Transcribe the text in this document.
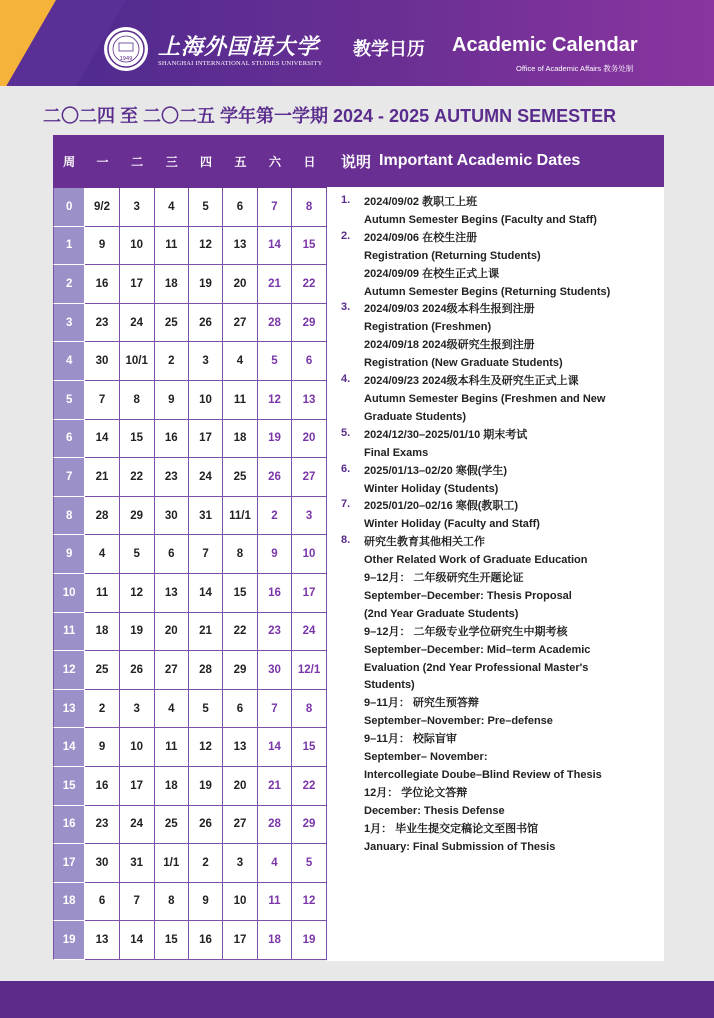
1949 上海外国语大学
SHANGHAI INTERNATIONAL STUDIES UNIVERSITY
教学日历 Academic Calendar
Office of Academic Affairs 教务处制
二〇二四 至 二〇二五 学年第一学期 2024 - 2025 AUTUMN SEMESTER
周	一	二	三	四	五	六	日
0	9/2	3	4	5	6	7	8
1	9	10	11	12	13	14	15
2	16	17	18	19	20	21	22
3	23	24	25	26	27	28	29
4	30	10/1	2	3	4	5	6
5	7	8	9	10	11	12	13
6	14	15	16	17	18	19	20
7	21	22	23	24	25	26	27
8	28	29	30	31	11/1	2	3
9	4	5	6	7	8	9	10
10	11	12	13	14	15	16	17
11	18	19	20	21	22	23	24
12	25	26	27	28	29	30	12/1
13	2	3	4	5	6	7	8
14	9	10	11	12	13	14	15
15	16	17	18	19	20	21	22
16	23	24	25	26	27	28	29
17	30	31	1/1	2	3	4	5
18	6	7	8	9	10	11	12
19	13	14	15	16	17	18	19
说明 Important Academic Dates
1. 2024/09/02 教职工上班
Autumn Semester Begins (Faculty and Staff)
2. 2024/09/06 在校生注册
Registration (Returning Students)
2024/09/09 在校生正式上课
Autumn Semester Begins (Returning Students)
3. 2024/09/03 2024级本科生报到注册
Registration (Freshmen)
2024/09/18 2024级研究生报到注册
Registration (New Graduate Students)
4. 2024/09/23 2024级本科生及研究生正式上课
Autumn Semester Begins (Freshmen and New
Graduate Students)
5. 2024/12/30–2025/01/10 期末考试
Final Exams
6. 2025/01/13–02/20 寒假(学生)
Winter Holiday (Students)
7. 2025/01/20–02/16 寒假(教职工)
Winter Holiday (Faculty and Staff)
8. 研究生教育其他相关工作
Other Related Work of Graduate Education
9–12月： 二年级研究生开题论证
September–December: Thesis Proposal
(2nd Year Graduate Students)
9–12月： 二年级专业学位研究生中期考核
September–December: Mid–term Academic
Evaluation (2nd Year Professional Master's
Students)
9–11月： 研究生预答辩
September–November: Pre–defense
9–11月： 校际盲审
September– November:
Intercollegiate Doube–Blind Review of Thesis
12月： 学位论文答辩
December: Thesis Defense
1月： 毕业生提交定稿论文至图书馆
January: Final Submission of Thesis
